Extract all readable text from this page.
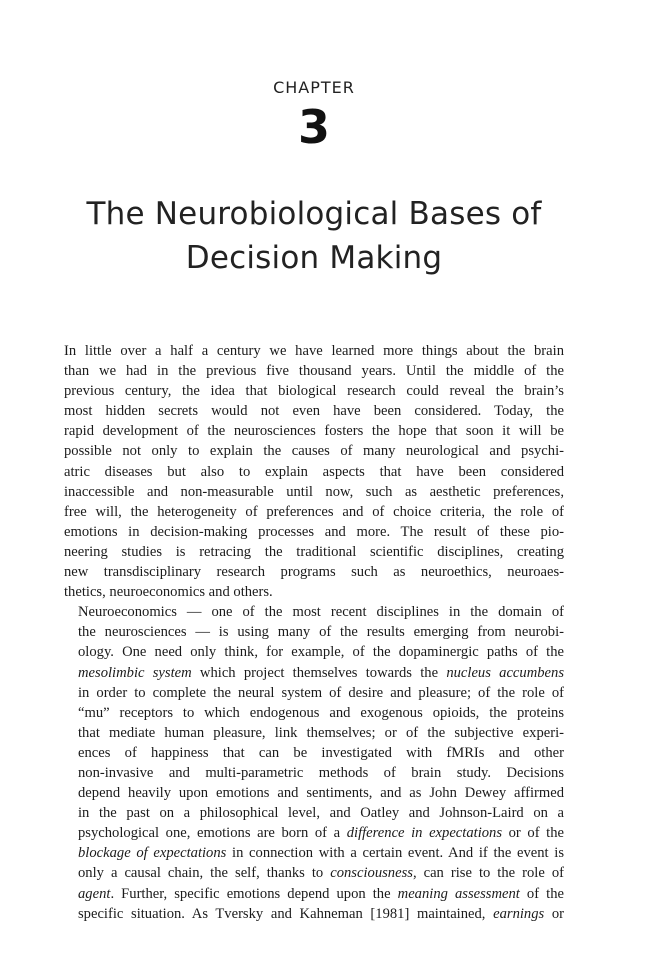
CHAPTER
3
The Neurobiological Bases of
Decision Making

In little over a half a century we have learned more things about the brain
than we had in the previous five thousand years. Until the middle of the
previous century, the idea that biological research could reveal the brain’s
most hidden secrets would not even have been considered. Today, the
rapid development of the neurosciences fosters the hope that soon it will be
possible not only to explain the causes of many neurological and psychi-
atric diseases but also to explain aspects that have been considered
inaccessible and non-measurable until now, such as aesthetic preferences,
free will, the heterogeneity of preferences and of choice criteria, the role of
emotions in decision-making processes and more. The result of these pio-
neering studies is retracing the traditional scientific disciplines, creating
new transdisciplinary research programs such as neuroethics, neuroaes-
thetics, neuroeconomics and others.

Neuroeconomics — one of the most recent disciplines in the domain of
the neurosciences — is using many of the results emerging from neurobi-
ology. One need only think, for example, of the dopaminergic paths of the
mesolimbic system which project themselves towards the nucleus accumbens
in order to complete the neural system of desire and pleasure; of the role of
“mu” receptors to which endogenous and exogenous opioids, the proteins
that mediate human pleasure, link themselves; or of the subjective experi-
ences of happiness that can be investigated with fMRIs and other
non-invasive and multi-parametric methods of brain study. Decisions
depend heavily upon emotions and sentiments, and as John Dewey affirmed
in the past on a philosophical level, and Oatley and Johnson-Laird on a
psychological one, emotions are born of a difference in expectations or of the
blockage of expectations in connection with a certain event. And if the event is
only a causal chain, the self, thanks to consciousness, can rise to the role of
agent. Further, specific emotions depend upon the meaning assessment of the
specific situation. As Tversky and Kahneman [1981] maintained, earnings or
